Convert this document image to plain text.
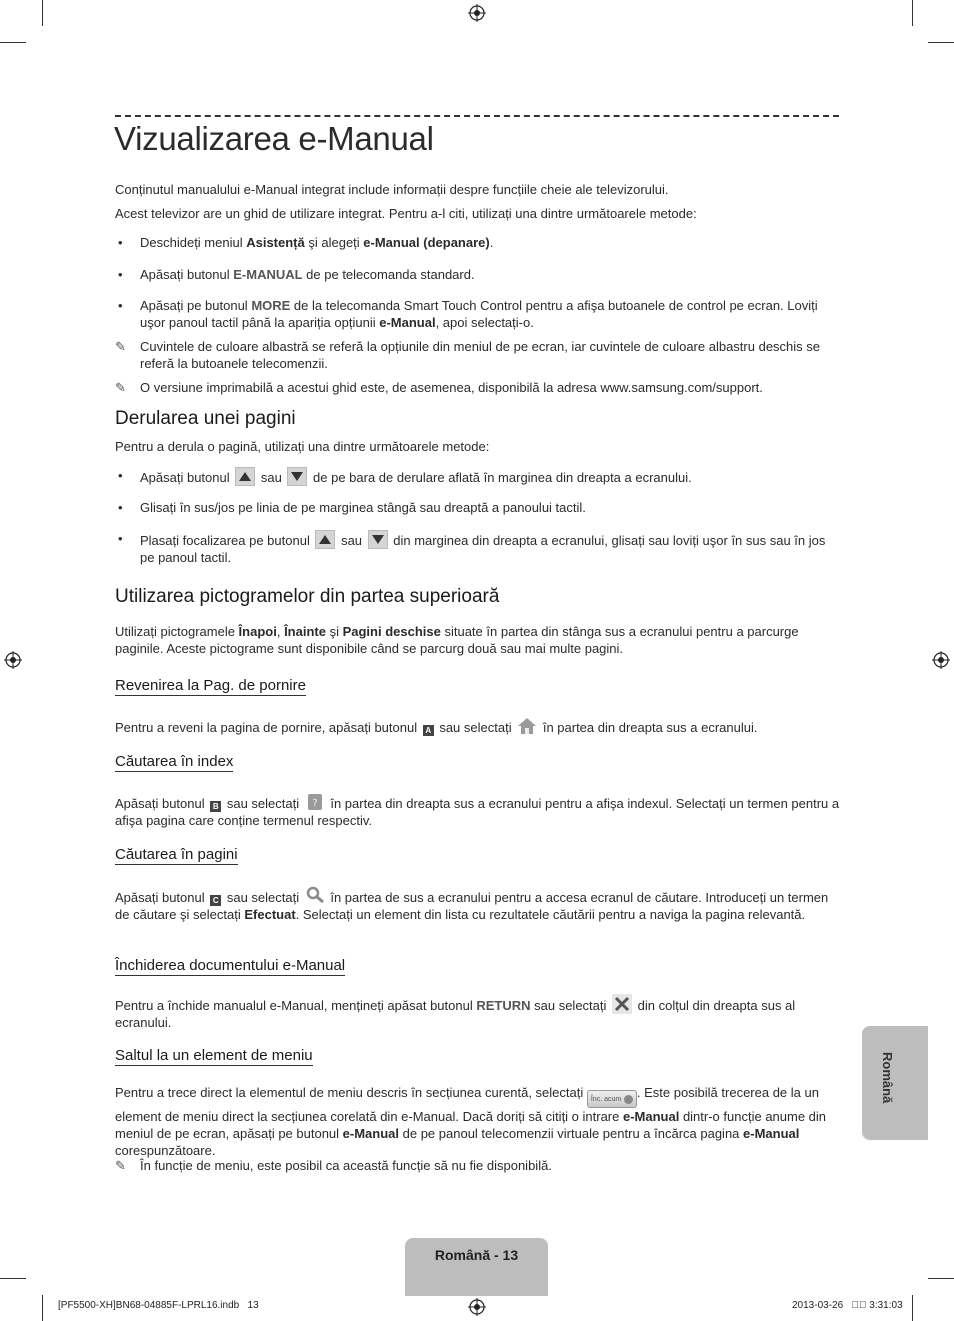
Vizualizarea e-Manual

Conținutul manualului e-Manual integrat include informații despre funcțiile cheie ale televizorului.

Acest televizor are un ghid de utilizare integrat. Pentru a-l citi, utilizați una dintre următoarele metode:

• Deschideți meniul Asistență şi alegeți e-Manual (depanare).
• Apăsați butonul E-MANUAL de pe telecomanda standard.
• Apăsați pe butonul MORE de la telecomanda Smart Touch Control pentru a afişa butoanele de control pe ecran. Loviți uşor panoul tactil până la apariția opțiunii e-Manual, apoi selectați-o.
✎ Cuvintele de culoare albastră se referă la opțiunile din meniul de pe ecran, iar cuvintele de culoare albastru deschis se referă la butoanele telecomenzii.
✎ O versiune imprimabilă a acestui ghid este, de asemenea, disponibilă la adresa www.samsung.com/support.
Derularea unei pagini

Pentru a derula o pagină, utilizați una dintre următoarele metode:

• Apăsați butonul
sau
de pe bara de derulare aflată în marginea din dreapta a ecranului.
• Glisați în sus/jos pe linia de pe marginea stângă sau dreaptă a panoului tactil.
• Plasați focalizarea pe butonul
sau
din marginea din dreapta a ecranului, glisați sau loviți uşor în sus sau în jos pe panoul tactil.
Utilizarea pictogramelor din partea superioară

Utilizați pictogramele Înapoi, Înainte şi Pagini deschise situate în partea din stânga sus a ecranului pentru a parcurge paginile. Aceste pictograme sunt disponibile când se parcurg două sau mai multe pagini.

Revenirea la Pag. de pornire

Pentru a reveni la pagina de pornire, apăsați butonul A sau selectați
în partea din dreapta sus a ecranului.

Căutarea în index

Apăsați butonul B sau selectați ? în partea din dreapta sus a ecranului pentru a afişa indexul. Selectați un termen pentru a afişa pagina care conține termenul respectiv.

Căutarea în pagini

Apăsați butonul C sau selectați
în partea de sus a ecranului pentru a accesa ecranul de căutare. Introduceți un termen de căutare şi selectați Efectuat. Selectați un element din lista cu rezultatele căutării pentru a naviga la pagina relevantă.

Închiderea documentului e-Manual

Pentru a închide manualul e-Manual, mențineți apăsat butonul RETURN sau selectați
din colțul din dreapta sus al ecranului.

Saltul la un element de meniu

Pentru a trece direct la elementul de meniu descris în secțiunea curentă, selectați Înc. acum . Este posibilă trecerea de la un element de meniu direct la secțiunea corelată din e-Manual. Dacă doriți să citiți o intrare e-Manual dintr-o funcție anume din meniul de pe ecran, apăsați pe butonul e-Manual de pe panoul telecomenzii virtuale pentru a încărca pagina e-Manual corespunzătoare.

✎ În funcție de meniu, este posibil ca această funcție să nu fie disponibilă.
Română
Română - 13
[PF5500-XH]BN68-04885F-LPRL16.indb   13	2013-03-26   ￿￿ 3:31:03
